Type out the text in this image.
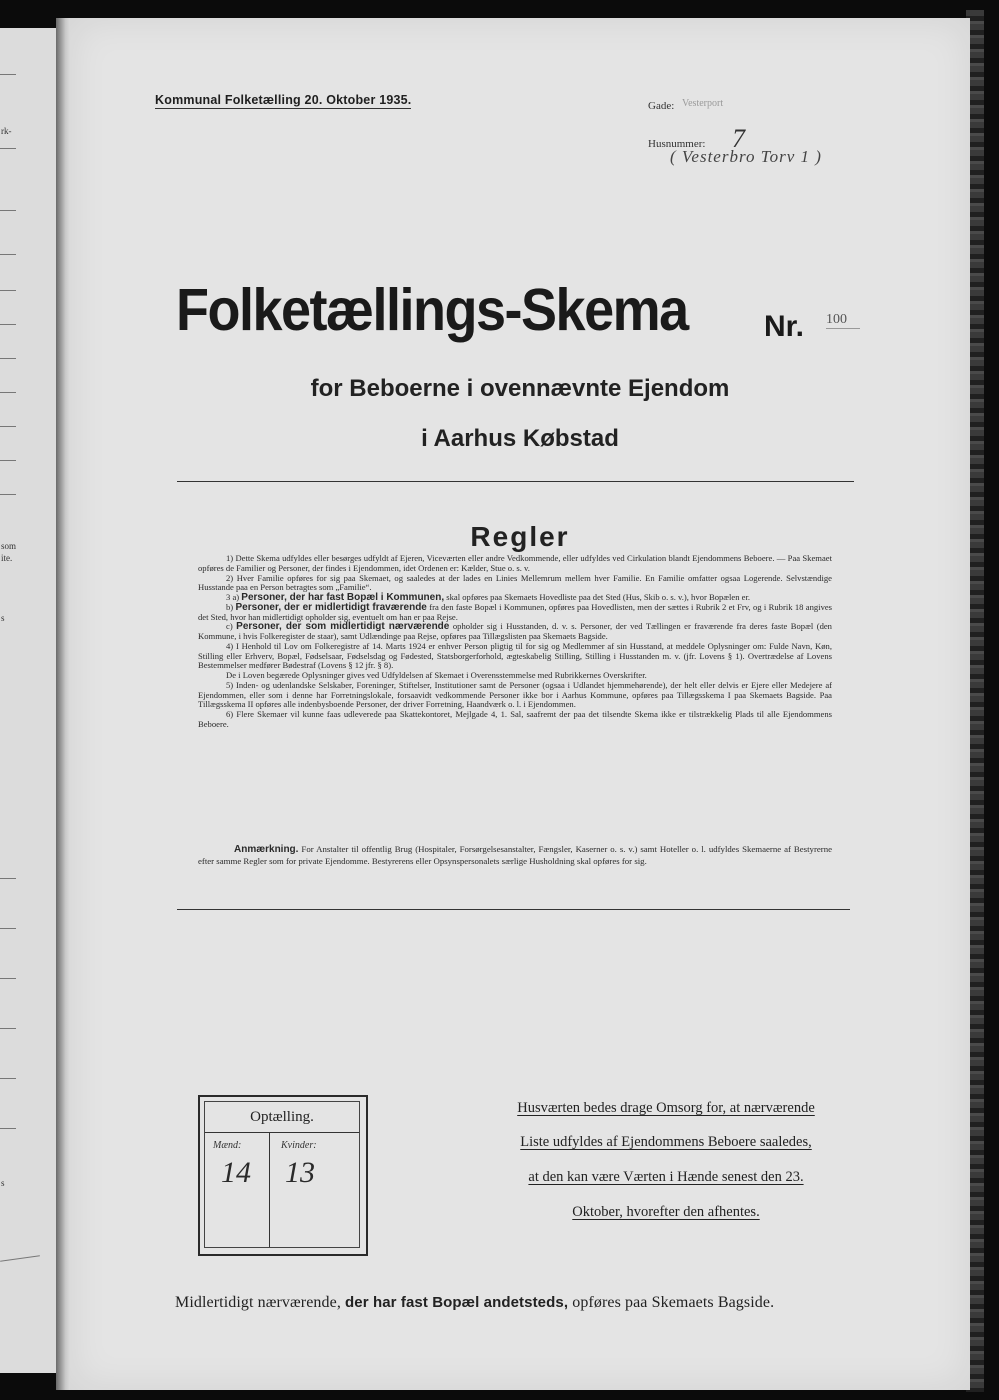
rk-
som
ite.
s
s
Kommunal Folketælling 20. Oktober 1935.	Gade: Vesterport
Husnummer: 7
( Vesterbro Torv 1 )
Folketællings-Skema	Nr. 100
for Beboerne i ovennævnte Ejendom
i Aarhus Købstad
Regler

1) Dette Skema udfyldes eller besørges udfyldt af Ejeren, Viceværten eller andre Vedkommende, eller udfyldes ved Cirkulation blandt Ejendommens Beboere. — Paa Skemaet opføres de Familier og Personer, der findes i Ejendommen, idet Ordenen er: Kælder, Stue o. s. v.

2) Hver Familie opføres for sig paa Skemaet, og saaledes at der lades en Linies Mellemrum mellem hver Familie. En Familie omfatter ogsaa Logerende. Selvstændige Husstande paa en Person betragtes som „Familie“.

3 a) Personer, der har fast Bopæl i Kommunen, skal opføres paa Skemaets Hovedliste paa det Sted (Hus, Skib o. s. v.), hvor Bopælen er.

b) Personer, der er midlertidigt fraværende fra den faste Bopæl i Kommunen, opføres paa Hovedlisten, men der sættes i Rubrik 2 et Frv, og i Rubrik 18 angives det Sted, hvor han midlertidigt opholder sig, eventuelt om han er paa Rejse.

c) Personer, der som midlertidigt nærværende opholder sig i Husstanden, d. v. s. Personer, der ved Tællingen er fraværende fra deres faste Bopæl (den Kommune, i hvis Folkeregister de staar), samt Udlændinge paa Rejse, opføres paa Tillægslisten paa Skemaets Bagside.

4) I Henhold til Lov om Folkeregistre af 14. Marts 1924 er enhver Person pligtig til for sig og Medlemmer af sin Husstand, at meddele Oplysninger om: Fulde Navn, Køn, Stilling eller Erhverv, Bopæl, Fødselsaar, Fødselsdag og Fødested, Statsborgerforhold, ægteskabelig Stilling, Stilling i Husstanden m. v. (jfr. Lovens § 1). Overtrædelse af Lovens Bestemmelser medfører Bødestraf (Lovens § 12 jfr. § 8).

De i Loven begærede Oplysninger gives ved Udfyldelsen af Skemaet i Overensstemmelse med Rubrikkernes Overskrifter.

5) Inden- og udenlandske Selskaber, Foreninger, Stiftelser, Institutioner samt de Personer (ogsaa i Udlandet hjemmehørende), der helt eller delvis er Ejere eller Medejere af Ejendommen, eller som i denne har Forretningslokale, forsaavidt vedkommende Personer ikke bor i Aarhus Kommune, opføres paa Tillægsskema I paa Skemaets Bagside. Paa Tillægsskema II opføres alle indenbysboende Personer, der driver Forretning, Haandværk o. l. i Ejendommen.

6) Flere Skemaer vil kunne faas udleverede paa Skattekontoret, Mejlgade 4, 1. Sal, saafremt der paa det tilsendte Skema ikke er tilstrækkelig Plads til alle Ejendommens Beboere.

Anmærkning. For Anstalter til offentlig Brug (Hospitaler, Forsørgelsesanstalter, Fængsler, Kaserner o. s. v.) samt Hoteller o. l. udfyldes Skemaerne af Bestyrerne efter samme Regler som for private Ejendomme. Bestyrerens eller Opsynspersonalets særlige Husholdning skal opføres for sig.
Optælling.
Mænd:	Kvinder:
14 13
Husværten bedes drage Omsorg for, at nærværende
Liste udfyldes af Ejendommens Beboere saaledes,
at den kan være Værten i Hænde senest den 23.
Oktober, hvorefter den afhentes.
Midlertidigt nærværende, der har fast Bopæl andetsteds, opføres paa Skemaets Bagside.
